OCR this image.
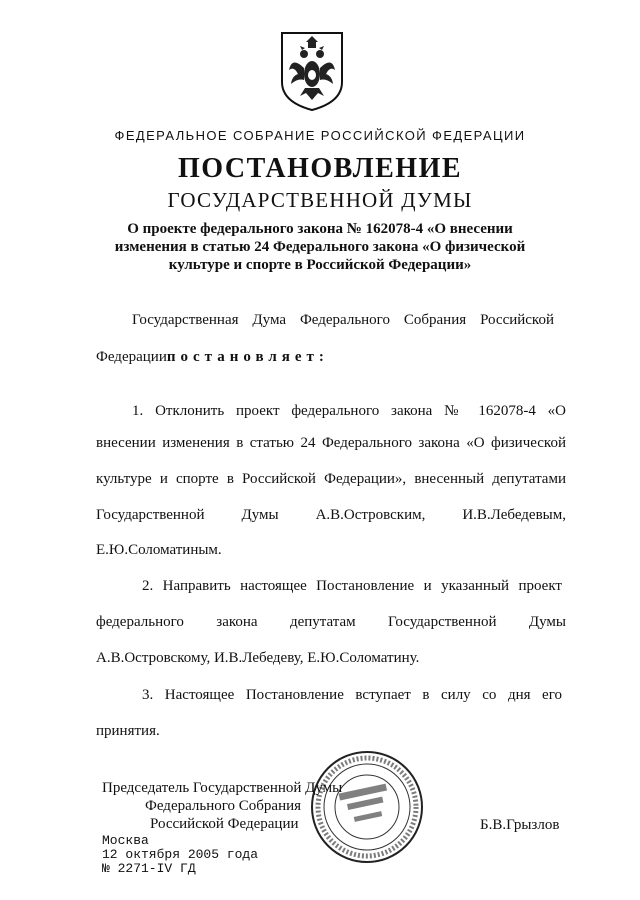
ФЕДЕРАЛЬНОЕ СОБРАНИЕ РОССИЙСКОЙ ФЕДЕРАЦИИ
ПОСТАНОВЛЕНИЕ
ГОСУДАРСТВЕННОЙ ДУМЫ
О проекте федерального закона № 162078-4 «О внесении
изменения в статью 24 Федерального закона «О физической
культуре и спорте в Российской Федерации»
Государственная Дума Федерального Собрания Российской
Федерациипостановляет:
1. Отклонить проект федерального закона № 162078-4 «О
внесении изменения в статью 24 Федерального закона «О физической
культуре и спорте в Российской Федерации», внесенный депутатами
Государственной Думы А.В.Островским, И.В.Лебедевым,
Е.Ю.Соломатиным.
2. Направить настоящее Постановление и указанный проект
федерального закона депутатам Государственной Думы
А.В.Островскому, И.В.Лебедеву, Е.Ю.Соломатину.
3. Настоящее Постановление вступает в силу со дня его
принятия.
Председатель Государственной Думы
Федерального Собрания
Российской Федерации	Б.В.Грызлов
Москва
12 октября 2005 года
№ 2271-IV ГД
